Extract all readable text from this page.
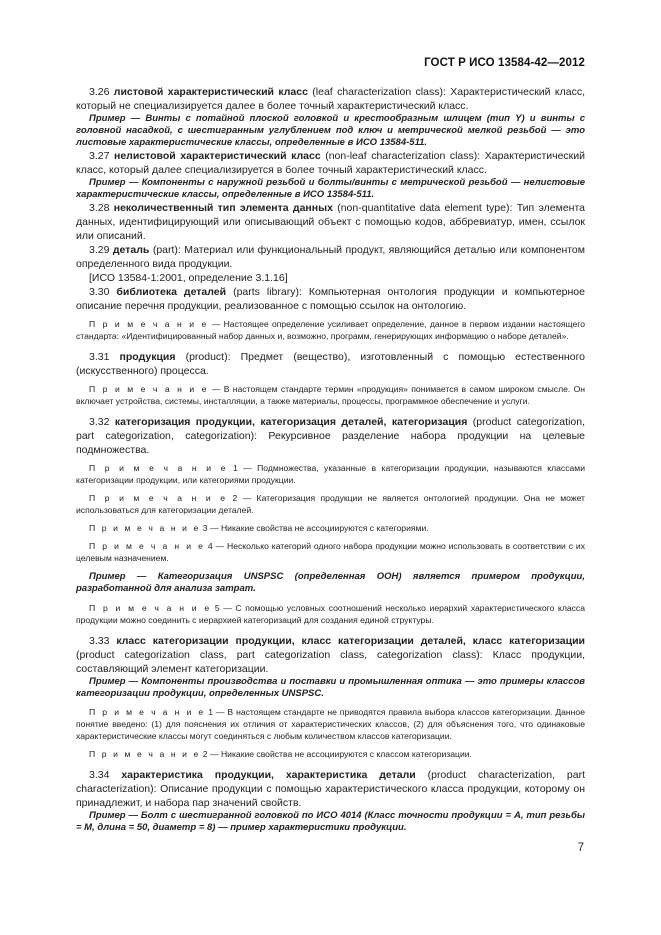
ГОСТ Р ИСО 13584-42—2012

3.26 листовой характеристический класс (leaf characterization class): Характеристический класс, который не специализируется далее в более точный характеристический класс.

Пример — Винты с потайной плоской головкой и крестообразным шлицем (тип Y) и винты с головной насадкой, с шестигранным углублением под ключ и метрической мелкой резьбой — это листовые характеристические классы, определенные в ИСО 13584-511.

3.27 нелистовой характеристический класс (non-leaf characterization class): Характеристический класс, который далее специализируется в более точный характеристический класс.

Пример — Компоненты с наружной резьбой и болты/винты с метрической резьбой — нелистовые характеристические классы, определенные в ИСО 13584-511.

3.28 неколичественный тип элемента данных (non-quantitative data element type): Тип элемента данных, идентифицирующий или описывающий объект с помощью кодов, аббревиатур, имен, ссылок или описаний.

3.29 деталь (part): Материал или функциональный продукт, являющийся деталью или компонентом определенного вида продукции.

[ИСО 13584-1:2001, определение 3.1.16]

3.30 библиотека деталей (parts library): Компьютерная онтология продукции и компьютерное описание перечня продукции, реализованное с помощью ссылок на онтологию.

П р и м е ч а н и е — Настоящее определение усиливает определение, данное в первом издании настоящего стандарта: «Идентифицированный набор данных и, возможно, программ, генерирующих информацию о наборе деталей».

3.31 продукция (product): Предмет (вещество), изготовленный с помощью естественного (искусственного) процесса.

П р и м е ч а н и е — В настоящем стандарте термин «продукция» понимается в самом широком смысле. Он включает устройства, системы, инсталляции, а также материалы, процессы, программное обеспечение и услуги.

3.32 категоризация продукции, категоризация деталей, категоризация (product categorization, part categorization, categorization): Рекурсивное разделение набора продукции на целевые подмножества.

П р и м е ч а н и е 1 — Подмножества, указанные в категоризации продукции, называются классами категоризации продукции, или категориями продукции.

П р и м е ч а н и е 2 — Категоризация продукции не является онтологией продукции. Она не может использоваться для категоризации деталей.

П р и м е ч а н и е 3 — Никакие свойства не ассоциируются с категориями.

П р и м е ч а н и е 4 — Несколько категорий одного набора продукции можно использовать в соответствии с их целевым назначением.

Пример — Категоризация UNSPSC (определенная ООН) является примером продукции, разработанной для анализа затрат.

П р и м е ч а н и е 5 — С помощью условных соотношений несколько иерархий характеристического класса продукции можно соединить с иерархией категоризаций для создания единой структуры.

3.33 класс категоризации продукции, класс категоризации деталей, класс категоризации (product categorization class, part categorization class, categorization class): Класс продукции, составляющий элемент категоризации.

Пример — Компоненты производства и поставки и промышленная оптика — это примеры классов категоризации продукции, определенных UNSPSC.

П р и м е ч а н и е 1 — В настоящем стандарте не приводятся правила выбора классов категоризации. Данное понятие введено: (1) для пояснения их отличия от характеристических классов, (2) для объяснения того, что одинаковые характеристические классы могут соединяться с любым количеством классов категоризации.

П р и м е ч а н и е 2 — Никакие свойства не ассоциируются с классом категоризации.

3.34 характеристика продукции, характеристика детали (product characterization, part characterization): Описание продукции с помощью характеристического класса продукции, которому он принадлежит, и набора пар значений свойств.

Пример — Болт с шестигранной головкой по ИСО 4014 (Класс точности продукции = А, тип резьбы = М, длина = 50, диаметр = 8) — пример характеристики продукции.

7
